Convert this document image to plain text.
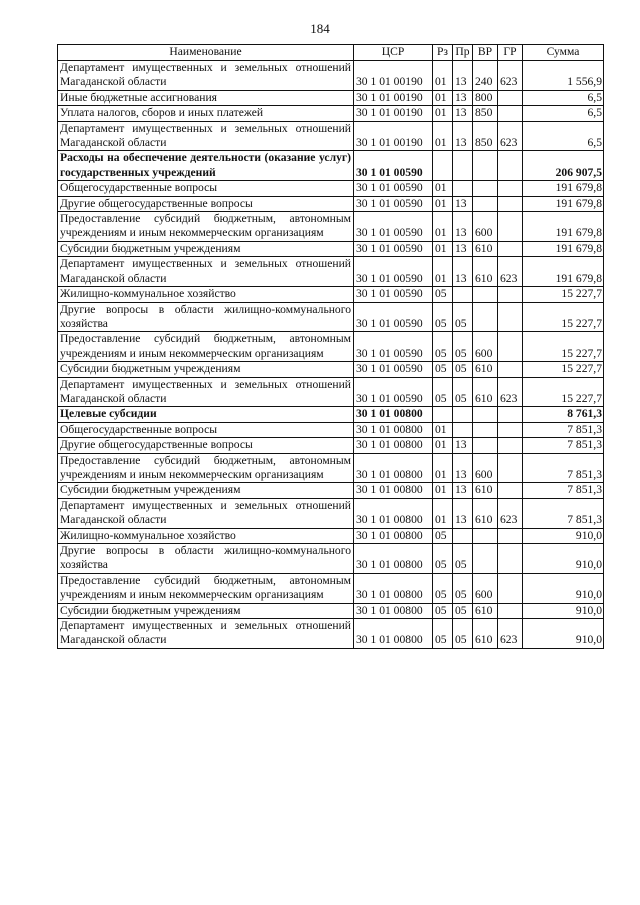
184
Наименование	ЦСР	Рз	Пр	ВР	ГР	Сумма
Департамент имущественных и земельных отношений Магаданской области	30 1 01 00190	01	13	240	623	1 556,9
Иные бюджетные ассигнования	30 1 01 00190	01	13	800		6,5
Уплата налогов, сборов и иных платежей	30 1 01 00190	01	13	850		6,5
Департамент имущественных и земельных отношений Магаданской области	30 1 01 00190	01	13	850	623	6,5
Расходы на обеспечение деятельности (оказание услуг) государственных учреждений	30 1 01 00590					206 907,5
Общегосударственные вопросы	30 1 01 00590	01				191 679,8
Другие общегосударственные вопросы	30 1 01 00590	01	13			191 679,8
Предоставление субсидий бюджетным, автономным учреждениям и иным некоммерческим организациям	30 1 01 00590	01	13	600		191 679,8
Субсидии бюджетным учреждениям	30 1 01 00590	01	13	610		191 679,8
Департамент имущественных и земельных отношений Магаданской области	30 1 01 00590	01	13	610	623	191 679,8
Жилищно-коммунальное хозяйство	30 1 01 00590	05				15 227,7
Другие вопросы в области жилищно-коммунального хозяйства	30 1 01 00590	05	05			15 227,7
Предоставление субсидий бюджетным, автономным учреждениям и иным некоммерческим организациям	30 1 01 00590	05	05	600		15 227,7
Субсидии бюджетным учреждениям	30 1 01 00590	05	05	610		15 227,7
Департамент имущественных и земельных отношений Магаданской области	30 1 01 00590	05	05	610	623	15 227,7
Целевые субсидии	30 1 01 00800					8 761,3
Общегосударственные вопросы	30 1 01 00800	01				7 851,3
Другие общегосударственные вопросы	30 1 01 00800	01	13			7 851,3
Предоставление субсидий бюджетным, автономным учреждениям и иным некоммерческим организациям	30 1 01 00800	01	13	600		7 851,3
Субсидии бюджетным учреждениям	30 1 01 00800	01	13	610		7 851,3
Департамент имущественных и земельных отношений Магаданской области	30 1 01 00800	01	13	610	623	7 851,3
Жилищно-коммунальное хозяйство	30 1 01 00800	05				910,0
Другие вопросы в области жилищно-коммунального хозяйства	30 1 01 00800	05	05			910,0
Предоставление субсидий бюджетным, автономным учреждениям и иным некоммерческим организациям	30 1 01 00800	05	05	600		910,0
Субсидии бюджетным учреждениям	30 1 01 00800	05	05	610		910,0
Департамент имущественных и земельных отношений Магаданской области	30 1 01 00800	05	05	610	623	910,0
